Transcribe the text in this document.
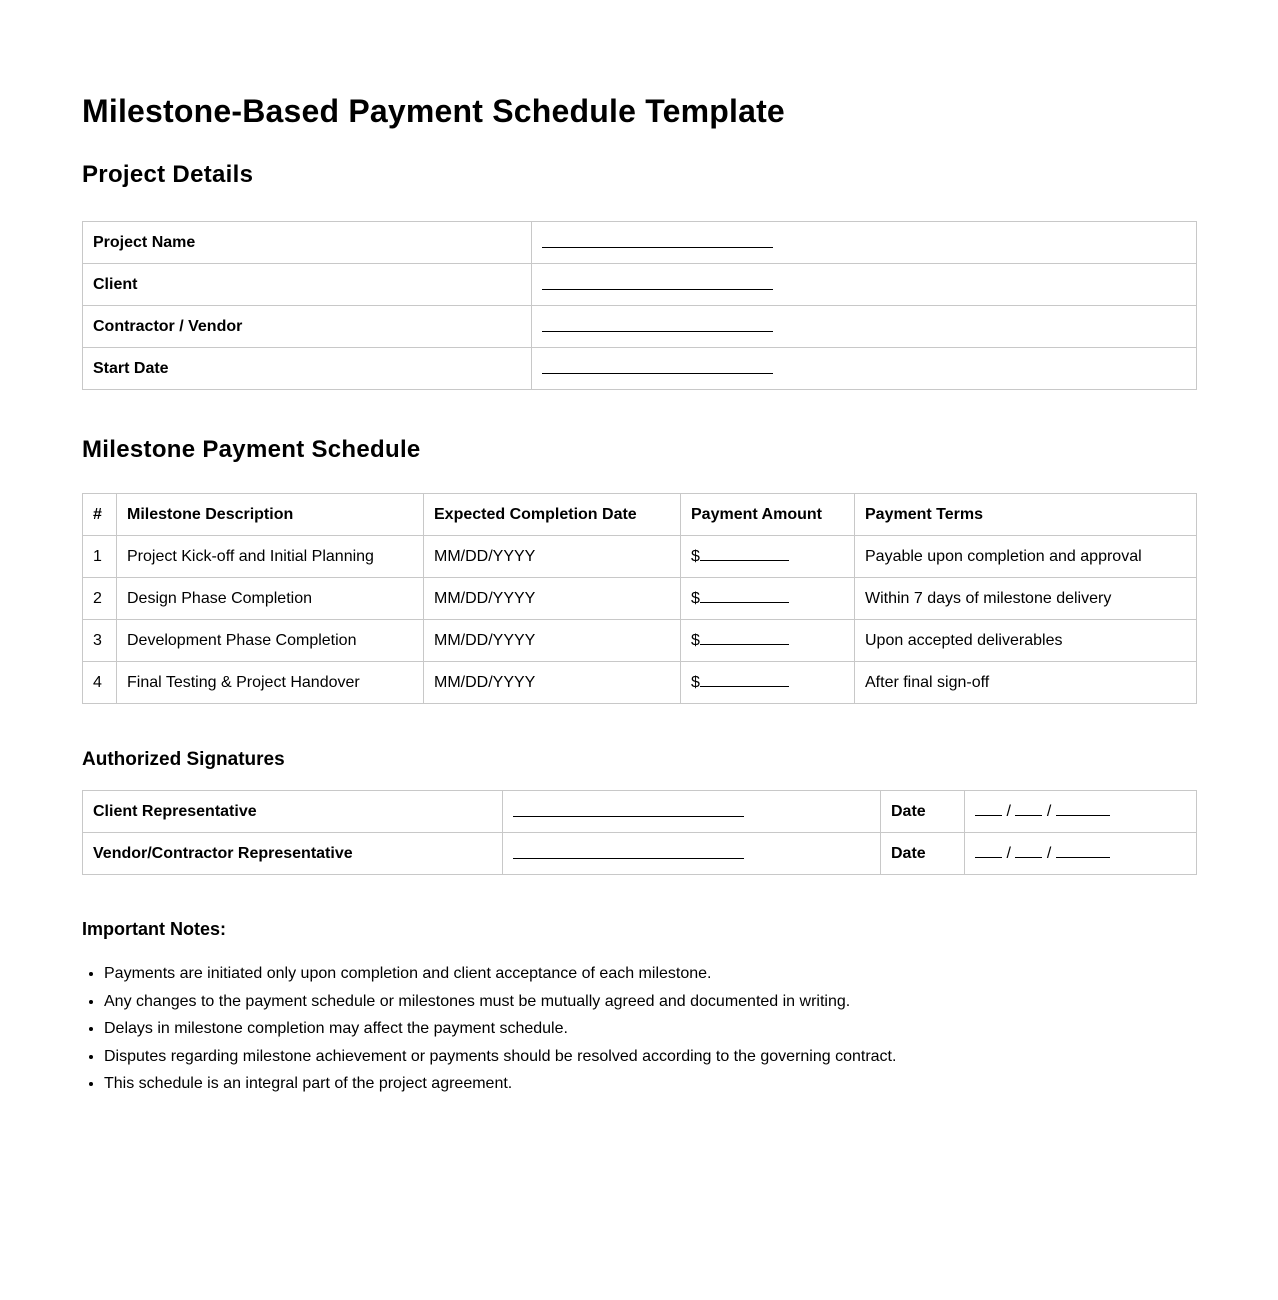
Milestone-Based Payment Schedule Template
Project Details
Project Name	
Client	
Contractor / Vendor	
Start Date	
Milestone Payment Schedule
#	Milestone Description	Expected Completion Date	Payment Amount	Payment Terms
1	Project Kick-off and Initial Planning	MM/DD/YYYY	$	Payable upon completion and approval
2	Design Phase Completion	MM/DD/YYYY	$	Within 7 days of milestone delivery
3	Development Phase Completion	MM/DD/YYYY	$	Upon accepted deliverables
4	Final Testing & Project Handover	MM/DD/YYYY	$	After final sign-off
Authorized Signatures
Client Representative		Date	/ /
Vendor/Contractor Representative		Date	/ /
Important Notes:
• Payments are initiated only upon completion and client acceptance of each milestone.
• Any changes to the payment schedule or milestones must be mutually agreed and documented in writing.
• Delays in milestone completion may affect the payment schedule.
• Disputes regarding milestone achievement or payments should be resolved according to the governing contract.
• This schedule is an integral part of the project agreement.
